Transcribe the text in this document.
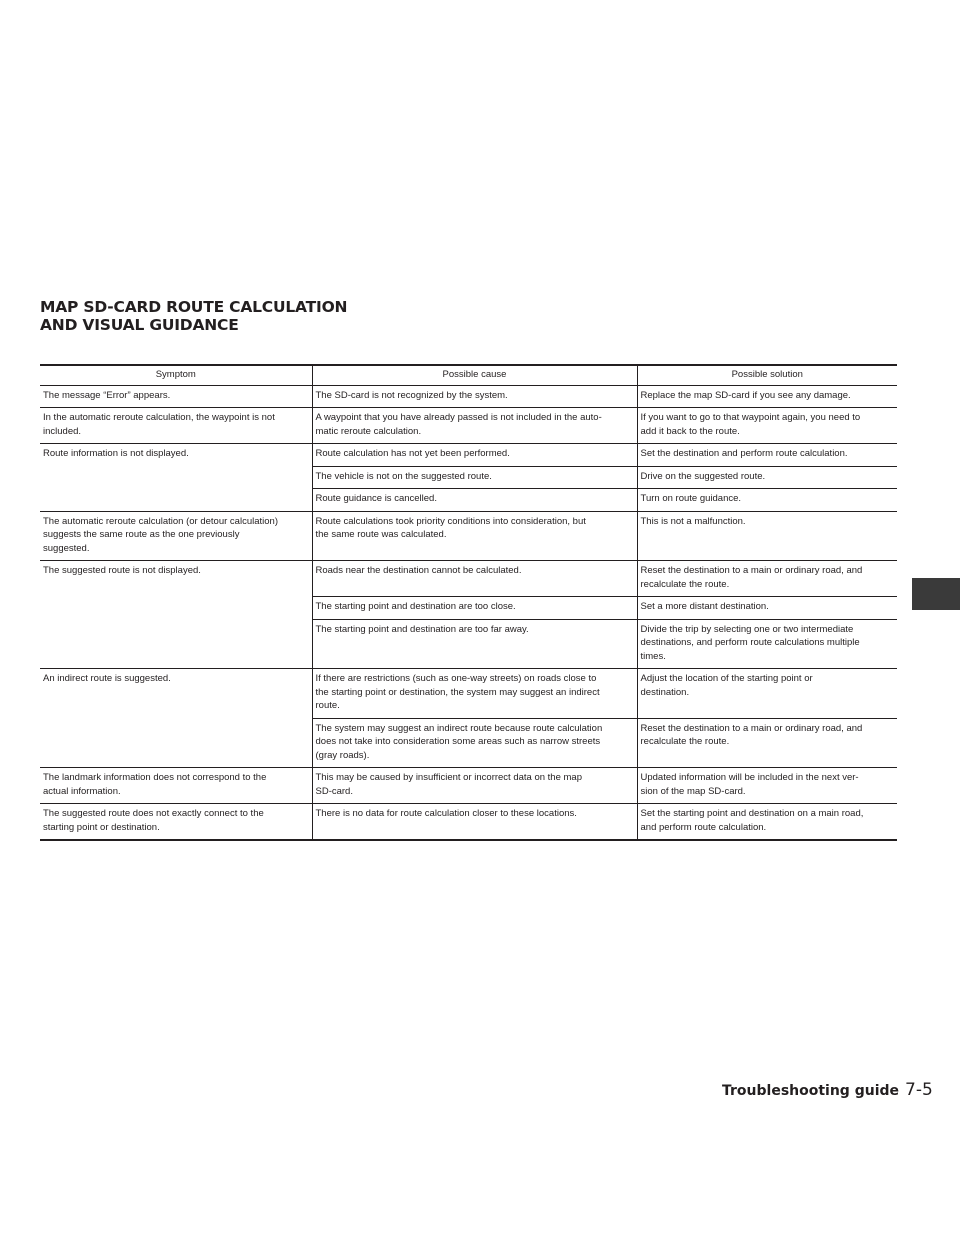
MAP SD-CARD ROUTE CALCULATION
AND VISUAL GUIDANCE
Symptom	Possible cause	Possible solution

The message “Error” appears.	The SD-card is not recognized by the system.	Replace the map SD-card if you see any damage.

In the automatic reroute calculation, the waypoint is not
included.	A waypoint that you have already passed is not included in the auto-
matic reroute calculation.	If you want to go to that waypoint again, you need to
add it back to the route.

Route information is not displayed.	Route calculation has not yet been performed.	Set the destination and perform route calculation.

	The vehicle is not on the suggested route.	Drive on the suggested route.

	Route guidance is cancelled.	Turn on route guidance.

The automatic reroute calculation (or detour calculation)
suggests the same route as the one previously
suggested.	Route calculations took priority conditions into consideration, but
the same route was calculated.	This is not a malfunction.

The suggested route is not displayed.	Roads near the destination cannot be calculated.	Reset the destination to a main or ordinary road, and
recalculate the route.

	The starting point and destination are too close.	Set a more distant destination.

	The starting point and destination are too far away.	Divide the trip by selecting one or two intermediate
destinations, and perform route calculations multiple
times.

An indirect route is suggested.	If there are restrictions (such as one-way streets) on roads close to
the starting point or destination, the system may suggest an indirect
route.	Adjust the location of the starting point or
destination.

	The system may suggest an indirect route because route calculation
does not take into consideration some areas such as narrow streets
(gray roads).	Reset the destination to a main or ordinary road, and
recalculate the route.

The landmark information does not correspond to the
actual information.	This may be caused by insufficient or incorrect data on the map
SD-card.	Updated information will be included in the next ver-
sion of the map SD-card.

The suggested route does not exactly connect to the
starting point or destination.	There is no data for route calculation closer to these locations.	Set the starting point and destination on a main road,
and perform route calculation.
Troubleshooting guide 7-5
